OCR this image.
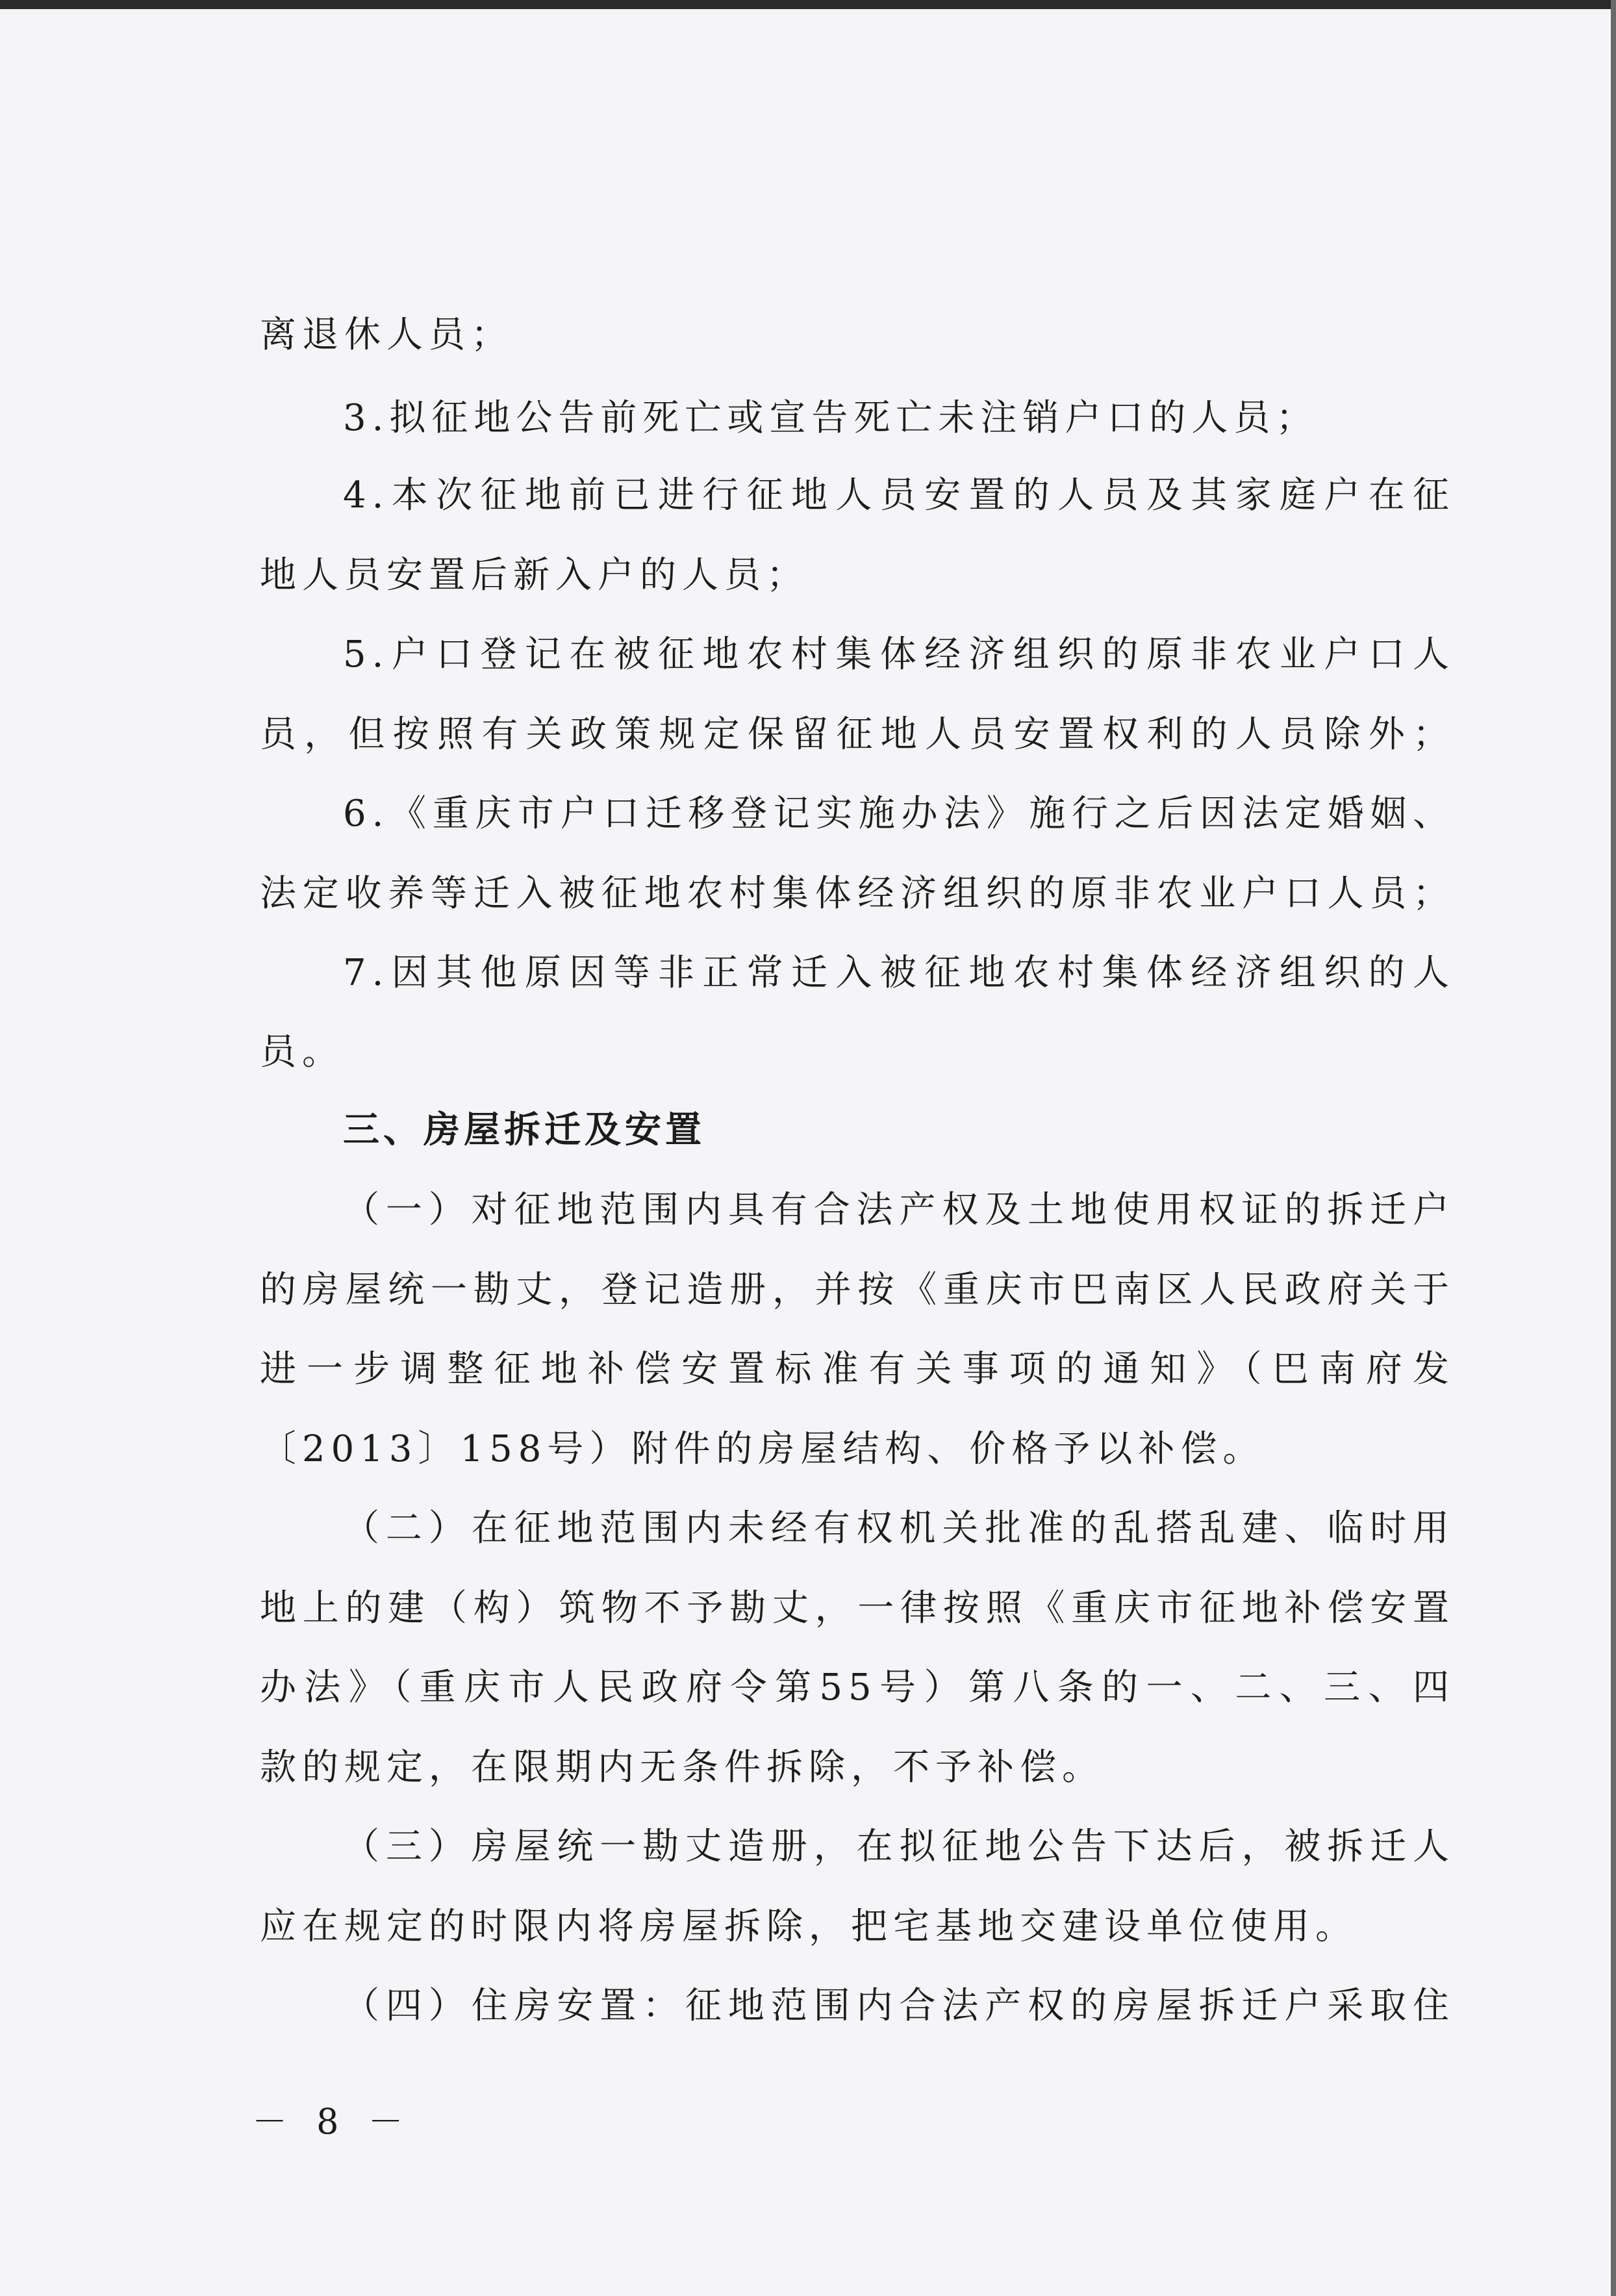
离退休人员；
3.拟征地公告前死亡或宣告死亡未注销户口的人员；
4.本次征地前已进行征地人员安置的人员及其家庭户在征
地人员安置后新入户的人员；
5.户口登记在被征地农村集体经济组织的原非农业户口人
员，但按照有关政策规定保留征地人员安置权利的人员除外；
6.《重庆市户口迁移登记实施办法》施行之后因法定婚姻、
法定收养等迁入被征地农村集体经济组织的原非农业户口人员；
7.因其他原因等非正常迁入被征地农村集体经济组织的人
员。
三、房屋拆迁及安置
（一）对征地范围内具有合法产权及土地使用权证的拆迁户
的房屋统一勘丈，登记造册，并按《重庆市巴南区人民政府关于
进一步调整征地补偿安置标准有关事项的通知》（巴南府发
〔2013〕158号）附件的房屋结构、价格予以补偿。
（二）在征地范围内未经有权机关批准的乱搭乱建、临时用
地上的建（构）筑物不予勘丈，一律按照《重庆市征地补偿安置
办法》（重庆市人民政府令第55号）第八条的一、二、三、四
款的规定，在限期内无条件拆除，不予补偿。
（三）房屋统一勘丈造册，在拟征地公告下达后，被拆迁人
应在规定的时限内将房屋拆除，把宅基地交建设单位使用。
（四）住房安置：征地范围内合法产权的房屋拆迁户采取住
－ 8 －
